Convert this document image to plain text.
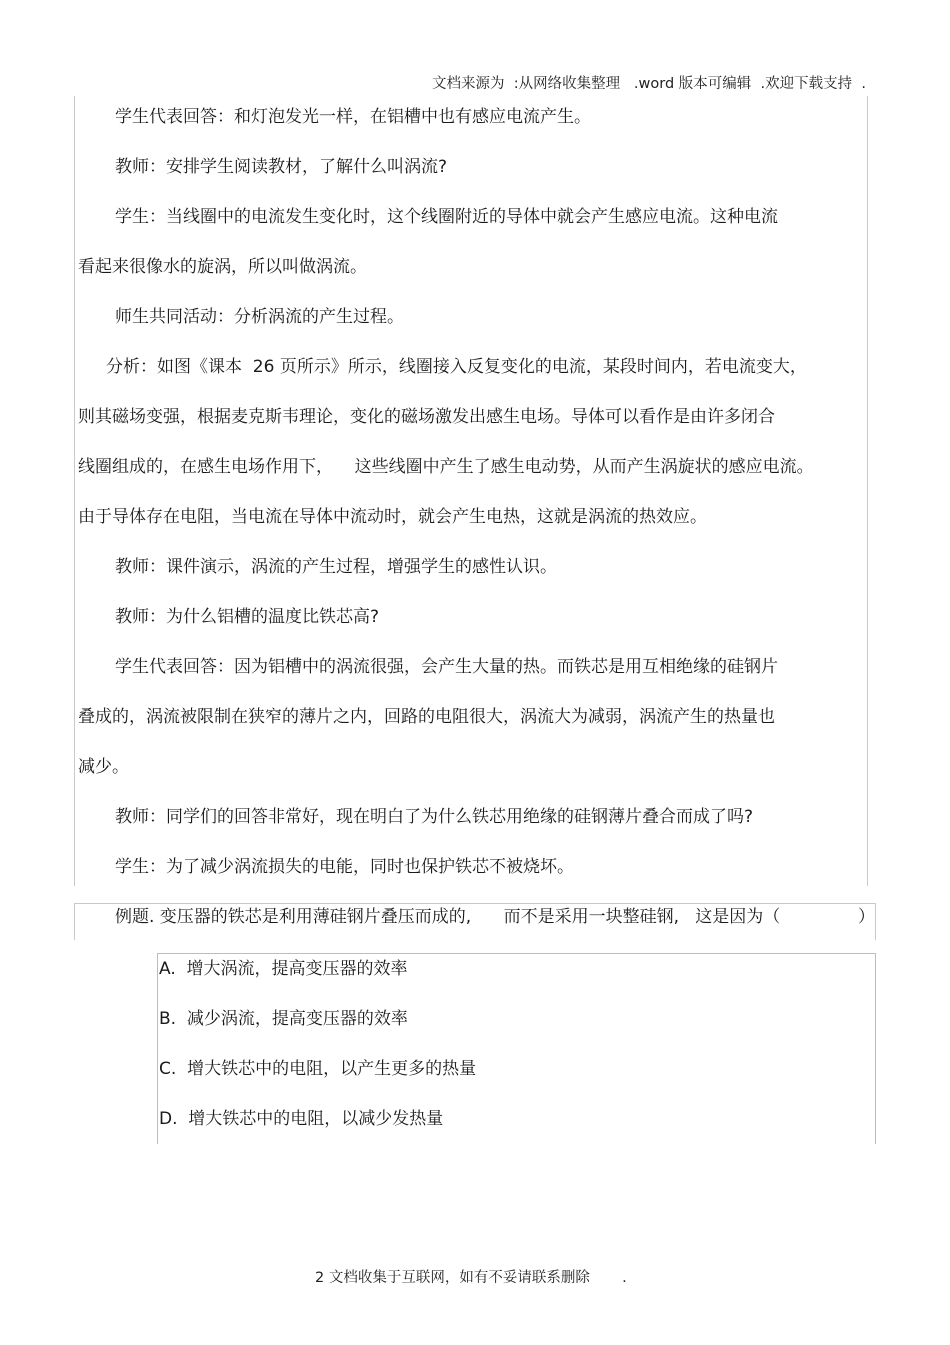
文档来源为  :从网络收集整理   .word 版本可编辑  .欢迎下载支持  .
学生代表回答：和灯泡发光一样，在铝槽中也有感应电流产生。
教师：安排学生阅读教材，了解什么叫涡流?
学生：当线圈中的电流发生变化时，这个线圈附近的导体中就会产生感应电流。这种电流
看起来很像水的旋涡，所以叫做涡流。
师生共同活动：分析涡流的产生过程。
分析：如图《课本  26 页所示》所示，线圈接入反复变化的电流，某段时间内，若电流变大，
则其磁场变强，根据麦克斯韦理论，变化的磁场激发出感生电场。导体可以看作是由许多闭合
线圈组成的，在感生电场作用下，    这些线圈中产生了感生电动势，从而产生涡旋状的感应电流。
由于导体存在电阻，当电流在导体中流动时，就会产生电热，这就是涡流的热效应。
教师：课件演示，涡流的产生过程，增强学生的感性认识。
教师：为什么铝槽的温度比铁芯高?
学生代表回答：因为铝槽中的涡流很强，会产生大量的热。而铁芯是用互相绝缘的硅钢片
叠成的，涡流被限制在狭窄的薄片之内，回路的电阻很大，涡流大为减弱，涡流产生的热量也
减少。
教师：同学们的回答非常好，现在明白了为什么铁芯用绝缘的硅钢薄片叠合而成了吗?
学生：为了减少涡流损失的电能，同时也保护铁芯不被烧坏。
例题. 变压器的铁芯是利用薄硅钢片叠压而成的,      而不是采用一块整硅钢,   这是因为（	）
A.  增大涡流，提高变压器的效率
B.  减少涡流，提高变压器的效率
C.  增大铁芯中的电阻，以产生更多的热量
D.  增大铁芯中的电阻，以减少发热量
2 文档收集于互联网，如有不妥请联系删除       .
